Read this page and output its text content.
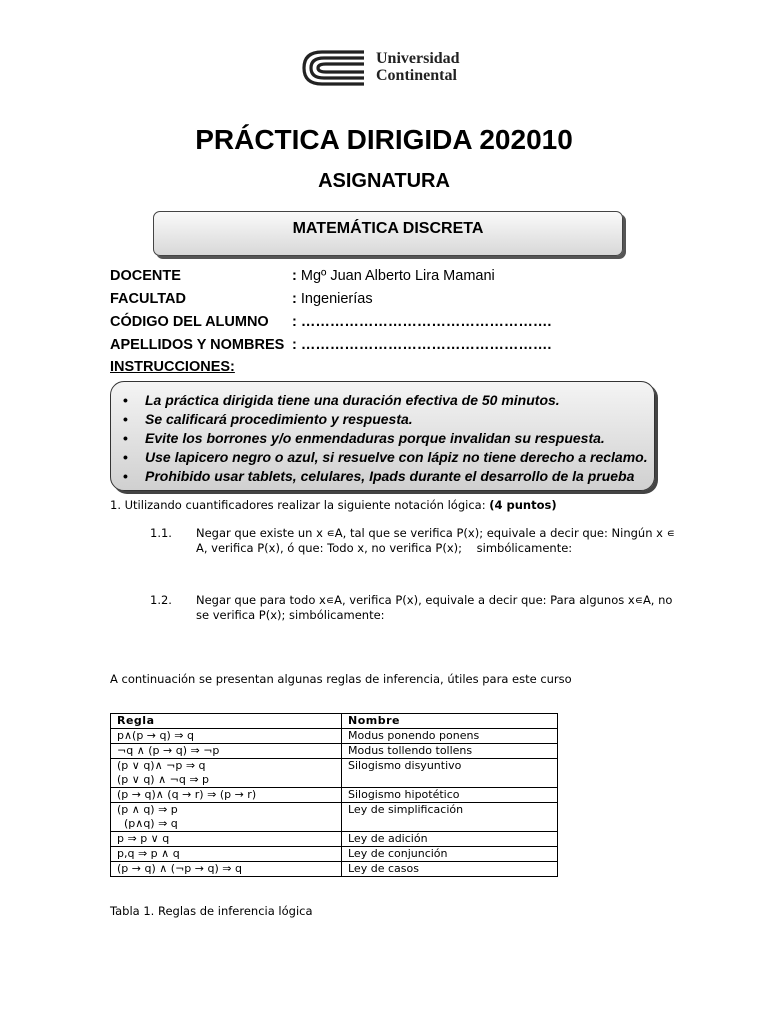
Universidad
Continental
PRÁCTICA DIRIGIDA 202010
ASIGNATURA
MATEMÁTICA DISCRETA
DOCENTE	: Mgº Juan Alberto Lira Mamani
FACULTAD	: Ingenierías
CÓDIGO DEL ALUMNO : …………………………………………….
APELLIDOS Y NOMBRES : …………………………………………….
INSTRUCCIONES:
• La práctica dirigida tiene una duración efectiva de 50 minutos.
• Se calificará procedimiento y respuesta.
• Evite los borrones y/o enmendaduras porque invalidan su respuesta.
• Use lapicero negro o azul, si resuelve con lápiz no tiene derecho a reclamo.
• Prohibido usar tablets, celulares, Ipads durante el desarrollo de la prueba
1. Utilizando cuantificadores realizar la siguiente notación lógica: (4 puntos)
1.1. Negar que existe un x ∊A, tal que se verifica P(x); equivale a decir que: Ningún x ∊
A, verifica P(x), ó que: Todo x, no verifica P(x);    simbólicamente:
1.2. Negar que para todo x∊A, verifica P(x), equivale a decir que: Para algunos x∊A, no
se verifica P(x); simbólicamente:
A continuación se presentan algunas reglas de inferencia, útiles para este curso
Regla	Nombre

p∧(p → q) ⇒ q	Modus ponendo ponens

¬q ∧ (p → q) ⇒ ¬p	Modus tollendo tollens

(p ∨ q)∧ ¬p ⇒ q
(p ∨ q) ∧ ¬q ⇒ p	Silogismo disyuntivo

(p → q)∧ (q → r) ⇒ (p → r)	Silogismo hipotético

(p ∧ q) ⇒ p
(p∧q) ⇒ q	Ley de simplificación

p ⇒ p ∨ q	Ley de adición

p,q ⇒ p ∧ q	Ley de conjunción

(p → q) ∧ (¬p → q) ⇒ q	Ley de casos
Tabla 1. Reglas de inferencia lógica
